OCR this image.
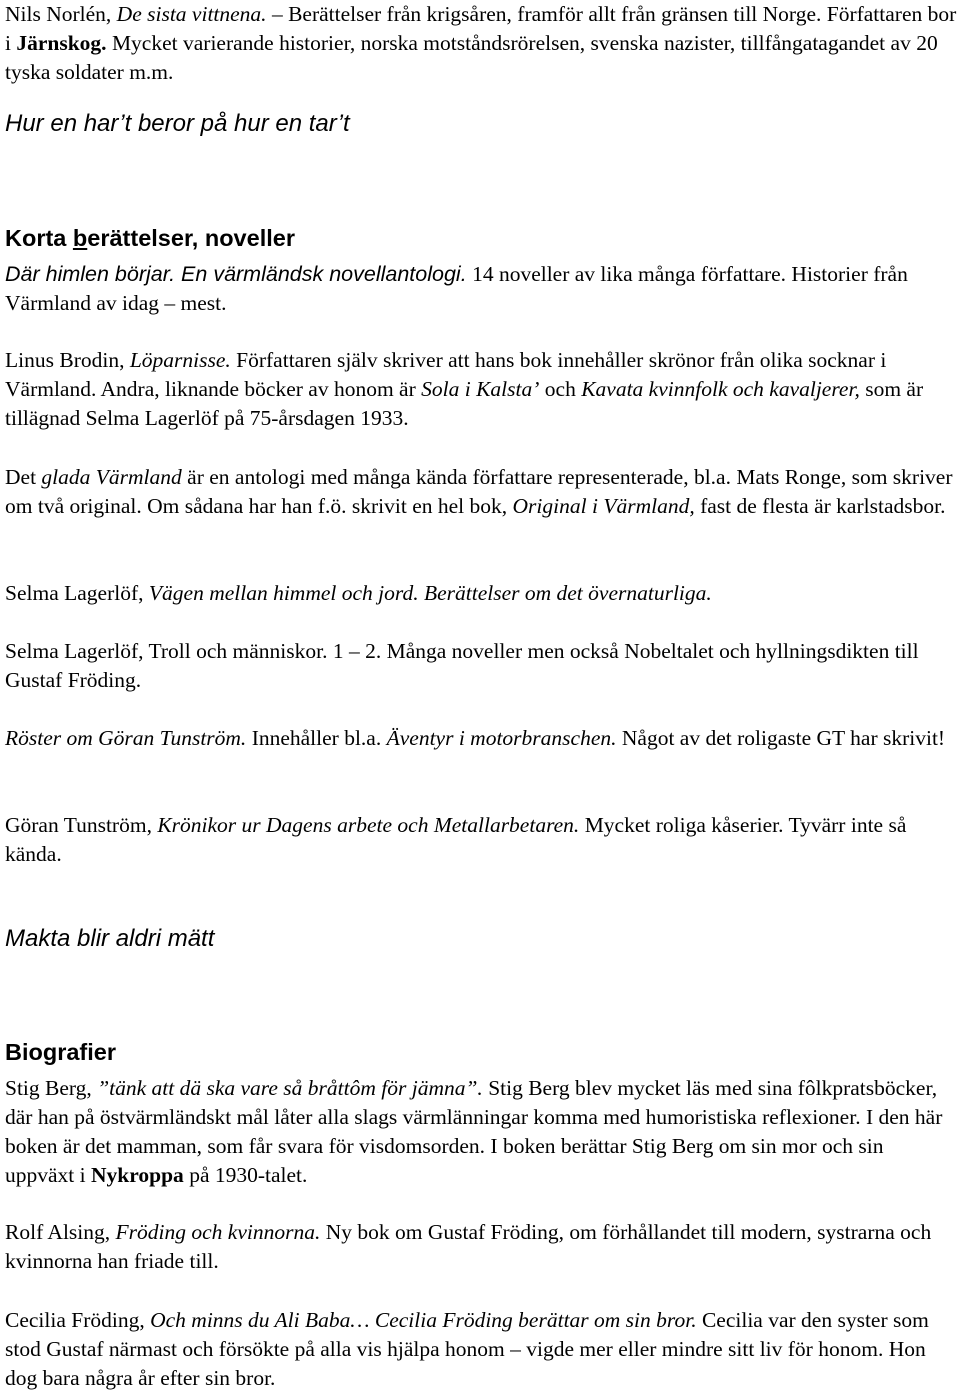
Nils Norlén, De sista vittnena. – Berättelser från krigsåren, framför allt från gränsen till Norge. Författaren bor i Järnskog. Mycket varierande historier, norska motståndsrörelsen, svenska nazister, tillfångatagandet av 20 tyska soldater m.m.

Hur en har’t beror på hur en tar’t

Korta berättelser, noveller

Där himlen börjar. En värmländsk novellantologi. 14 noveller av lika många författare. Historier från Värmland av idag – mest.

Linus Brodin, Löparnisse. Författaren själv skriver att hans bok innehåller skrönor från olika socknar i Värmland. Andra, liknande böcker av honom är Sola i Kalsta’ och Kavata kvinnfolk och kavaljerer, som är tillägnad Selma Lagerlöf på 75-årsdagen 1933.

Det glada Värmland är en antologi med många kända författare representerade, bl.a. Mats Ronge, som skriver om två original. Om sådana har han f.ö. skrivit en hel bok, Original i Värmland, fast de flesta är karlstadsbor.

Selma Lagerlöf, Vägen mellan himmel och jord. Berättelser om det övernaturliga.

Selma Lagerlöf, Troll och människor. 1 – 2. Många noveller men också Nobeltalet och hyllningsdikten till Gustaf Fröding.

Röster om Göran Tunström. Innehåller bl.a. Äventyr i motorbranschen. Något av det roligaste GT har skrivit!

Göran Tunström, Krönikor ur Dagens arbete och Metallarbetaren. Mycket roliga kåserier. Tyvärr inte så kända.

Makta blir aldri mätt

Biografier

Stig Berg, ”tänk att dä ska vare så bråttôm för jämna”. Stig Berg blev mycket läs med sina fôlkpratsböcker, där han på östvärmländskt mål låter alla slags värmlänningar komma med humoristiska reflexioner. I den här boken är det mamman, som får svara för visdomsorden. I boken berättar Stig Berg om sin mor och sin uppväxt i Nykroppa på 1930-talet.

Rolf Alsing, Fröding och kvinnorna. Ny bok om Gustaf Fröding, om förhållandet till modern, systrarna och kvinnorna han friade till.

Cecilia Fröding, Och minns du Ali Baba… Cecilia Fröding berättar om sin bror. Cecilia var den syster som stod Gustaf närmast och försökte på alla vis hjälpa honom – vigde mer eller mindre sitt liv för honom. Hon dog bara några år efter sin bror.
